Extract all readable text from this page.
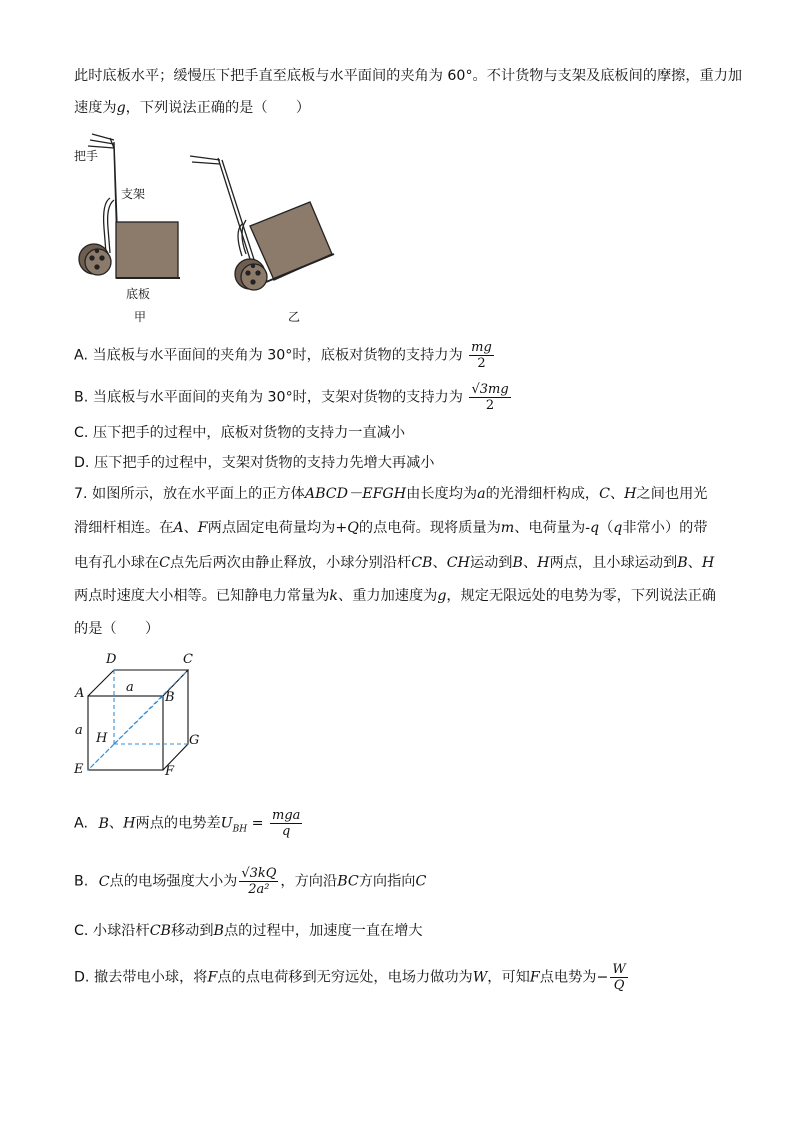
此时底板水平；缓慢压下把手直至底板与水平面间的夹角为 60°。不计货物与支架及底板间的摩擦，重力加
速度为g，下列说法正确的是（　　）
把手
支架
底板
甲	乙
A. 当底板与水平面间的夹角为 30°时，底板对货物的支持力为 $\frac{mg}{2}$
B. 当底板与水平面间的夹角为 30°时，支架对货物的支持力为 $\frac{√3mg}{2}$
C. 压下把手的过程中，底板对货物的支持力一直减小
D. 压下把手的过程中，支架对货物的支持力先增大再减小
7. 如图所示，放在水平面上的正方体ABCD－EFGH由长度均为a的光滑细杆构成，C、H之间也用光
滑细杆相连。在A、F两点固定电荷量均为+Q的点电荷。现将质量为m、电荷量为-q（q非常小）的带
电有孔小球在C点先后两次由静止释放，小球分别沿杆CB、CH运动到B、H两点，且小球运动到B、H
两点时速度大小相等。已知静电力常量为k、重力加速度为g，规定无限远处的电势为零，下列说法正确
的是（　　）
D	C
A	a
B
a
H	G
E	F
A. B、H两点的电势差$U_{BH} = \frac{\text{mga}}{q}$
B. C点的电场强度大小为 $\frac{√3kQ}{\text{2a²}}$ ，方向沿BC方向指向C
C. 小球沿杆CB移动到B点的过程中，加速度一直在增大
D. 撤去带电小球，将F点的点电荷移到无穷远处，电场力做功为W，可知F点电势为− $\frac{W}{Q}$
